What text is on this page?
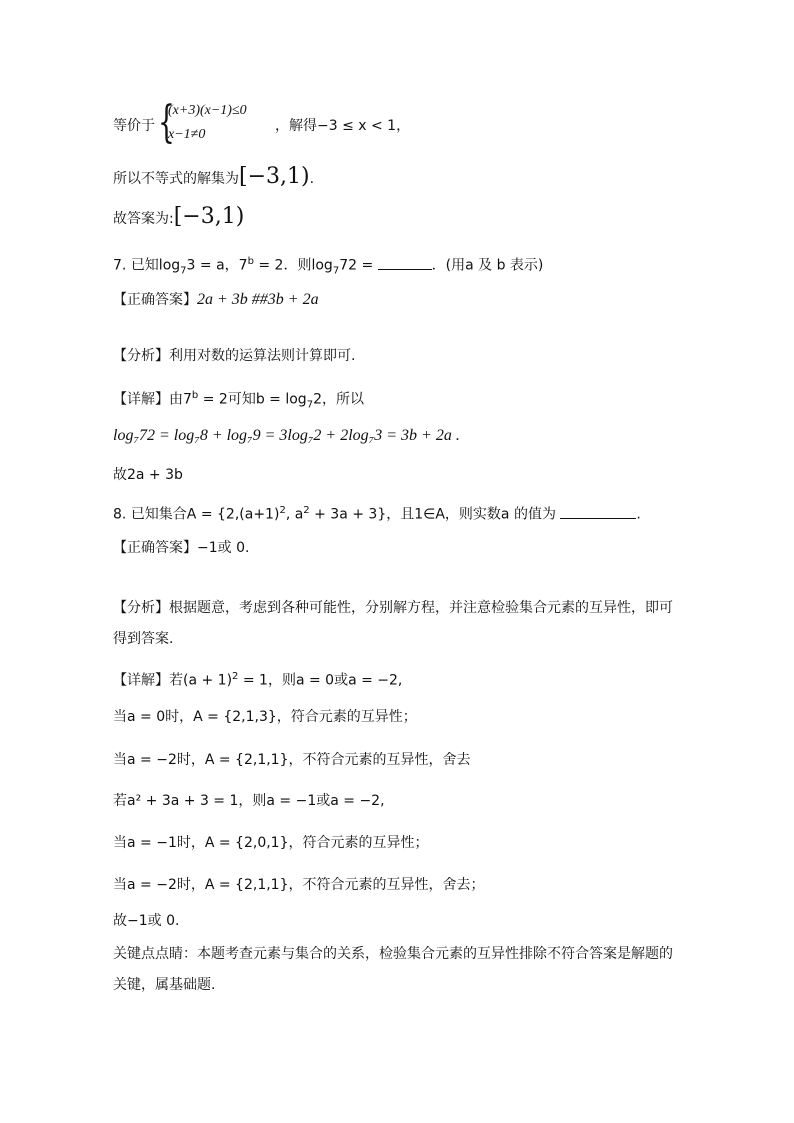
等价于 {
(x+3)(x−1)≤0
x−1≠0
，解得−3 ≤ x < 1，
所以不等式的解集为[−3,1).
故答案为:[−3,1)
7. 已知$\log_73 = a$，$7^b = 2$．则$\log_772$ =	．(用a 及 b 表示)
【正确答案】2a + 3b ##3b + 2a
【分析】利用对数的运算法则计算即可.
【详解】由$7^b = 2$可知$b = \log_72$，所以
log₇72 = log₇8 + log₇9 = 3log₇2 + 2log₇3 = 3b + 2a .
故2a + 3b
8. 已知集合$A = \{2,(a+1)^2$, $a^2 + 3a + 3$}，且1∈A，则实数a 的值为	.
【正确答案】−1或 0.
【分析】根据题意，考虑到各种可能性，分别解方程，并注意检验集合元素的互异性，即可
得到答案.
【详解】若$(a + 1)^2 = 1$，则a = 0或a = −2,
当a = 0时，A = {2,1,3}，符合元素的互异性；
当a = −2时，A = {2,1,1}，不符合元素的互异性，舍去
若a² + 3a + 3 = 1，则a = −1或a = −2,
当a = −1时，A = {2,0,1}，符合元素的互异性；
当a = −2时，A = {2,1,1}，不符合元素的互异性，舍去；
故−1或 0.
关键点点睛：本题考查元素与集合的关系，检验集合元素的互异性排除不符合答案是解题的
关键，属基础题.
